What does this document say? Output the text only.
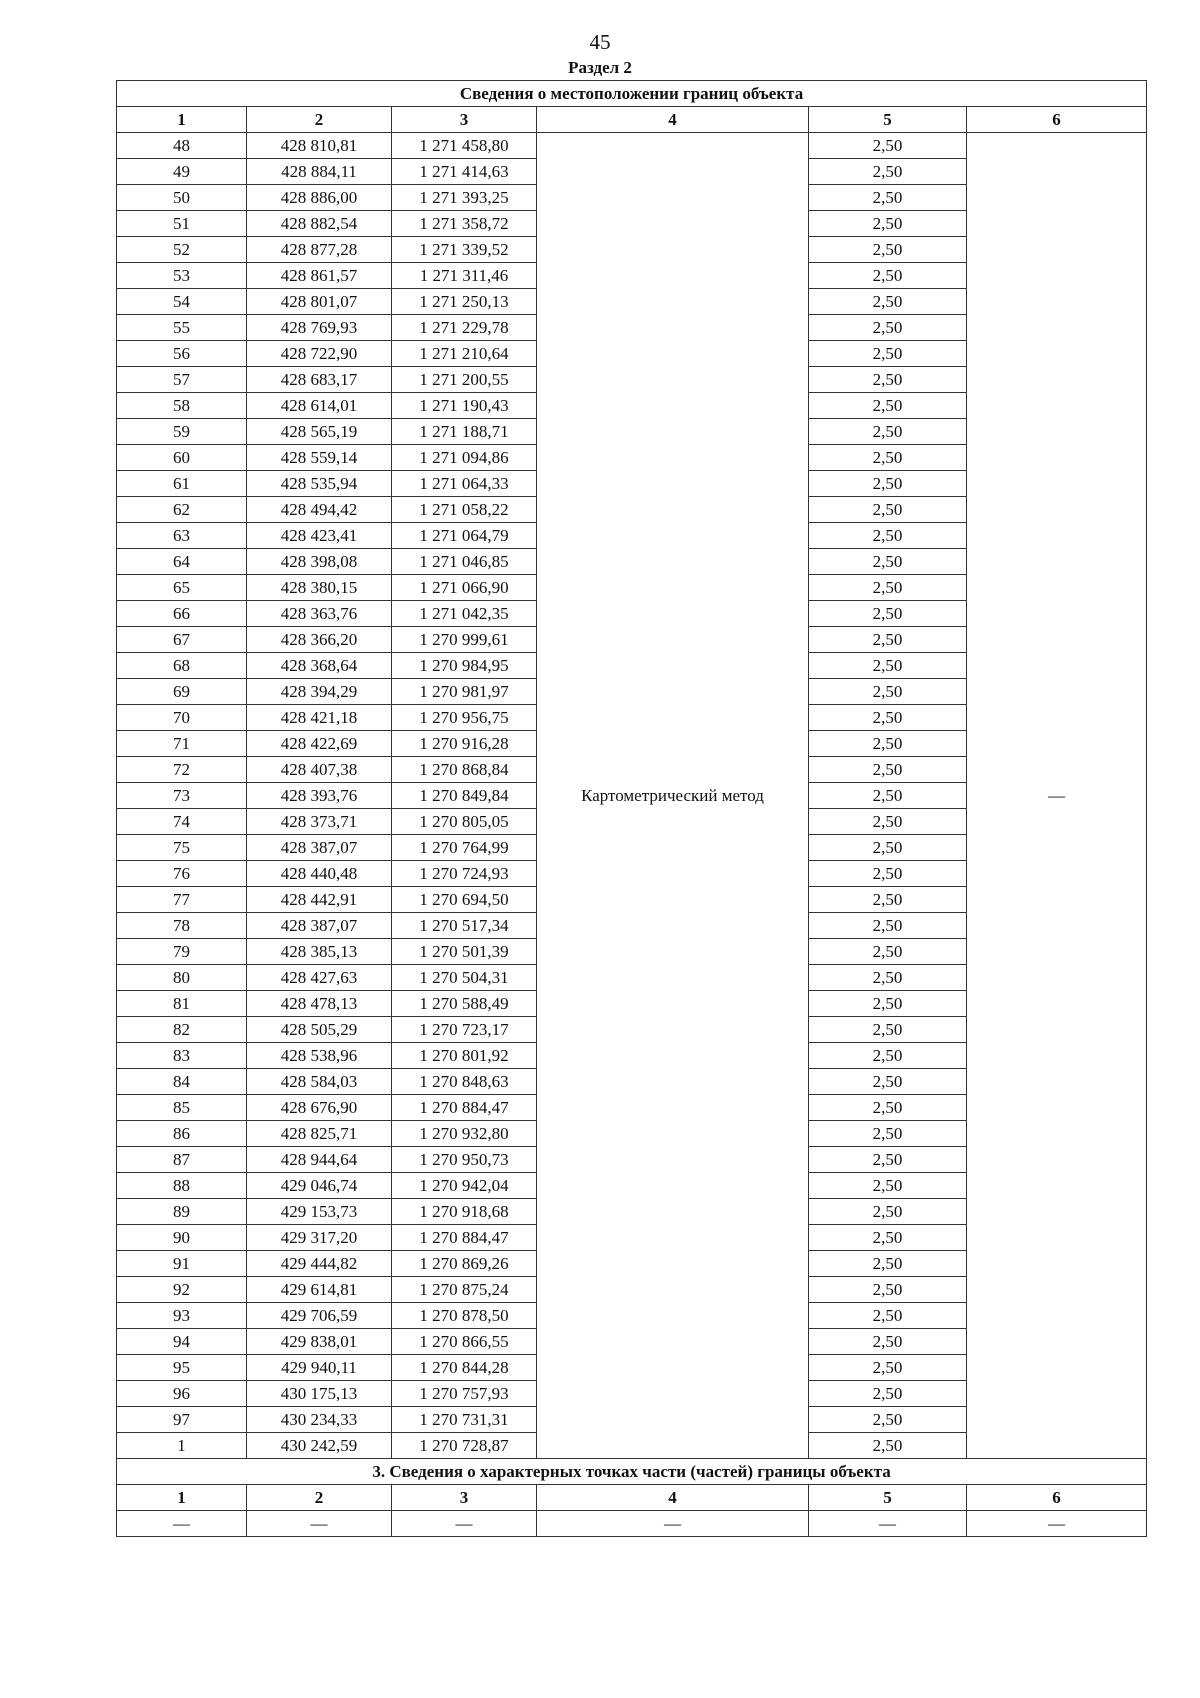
45
Раздел 2
Сведения о местоположении границ объекта					
1	2	3	4	5	6
48	428 810,81	1 271 458,80	Картометрический метод	2,50	—
49	428 884,11	1 271 414,63		2,50	
50	428 886,00	1 271 393,25		2,50	
51	428 882,54	1 271 358,72		2,50	
52	428 877,28	1 271 339,52		2,50	
53	428 861,57	1 271 311,46		2,50	
54	428 801,07	1 271 250,13		2,50	
55	428 769,93	1 271 229,78		2,50	
56	428 722,90	1 271 210,64		2,50	
57	428 683,17	1 271 200,55		2,50	
58	428 614,01	1 271 190,43		2,50	
59	428 565,19	1 271 188,71		2,50	
60	428 559,14	1 271 094,86		2,50	
61	428 535,94	1 271 064,33		2,50	
62	428 494,42	1 271 058,22		2,50	
63	428 423,41	1 271 064,79		2,50	
64	428 398,08	1 271 046,85		2,50	
65	428 380,15	1 271 066,90		2,50	
66	428 363,76	1 271 042,35		2,50	
67	428 366,20	1 270 999,61		2,50	
68	428 368,64	1 270 984,95		2,50	
69	428 394,29	1 270 981,97		2,50	
70	428 421,18	1 270 956,75		2,50	
71	428 422,69	1 270 916,28		2,50	
72	428 407,38	1 270 868,84		2,50	
73	428 393,76	1 270 849,84		2,50	
74	428 373,71	1 270 805,05		2,50	
75	428 387,07	1 270 764,99		2,50	
76	428 440,48	1 270 724,93		2,50	
77	428 442,91	1 270 694,50		2,50	
78	428 387,07	1 270 517,34		2,50	
79	428 385,13	1 270 501,39		2,50	
80	428 427,63	1 270 504,31		2,50	
81	428 478,13	1 270 588,49		2,50	
82	428 505,29	1 270 723,17		2,50	
83	428 538,96	1 270 801,92		2,50	
84	428 584,03	1 270 848,63		2,50	
85	428 676,90	1 270 884,47		2,50	
86	428 825,71	1 270 932,80		2,50	
87	428 944,64	1 270 950,73		2,50	
88	429 046,74	1 270 942,04		2,50	
89	429 153,73	1 270 918,68		2,50	
90	429 317,20	1 270 884,47		2,50	
91	429 444,82	1 270 869,26		2,50	
92	429 614,81	1 270 875,24		2,50	
93	429 706,59	1 270 878,50		2,50	
94	429 838,01	1 270 866,55		2,50	
95	429 940,11	1 270 844,28		2,50	
96	430 175,13	1 270 757,93		2,50	
97	430 234,33	1 270 731,31		2,50	
1	430 242,59	1 270 728,87		2,50	
3. Сведения о характерных точках части (частей) границы объекта					
1	2	3	4	5	6
—	—	—	—	—	—
